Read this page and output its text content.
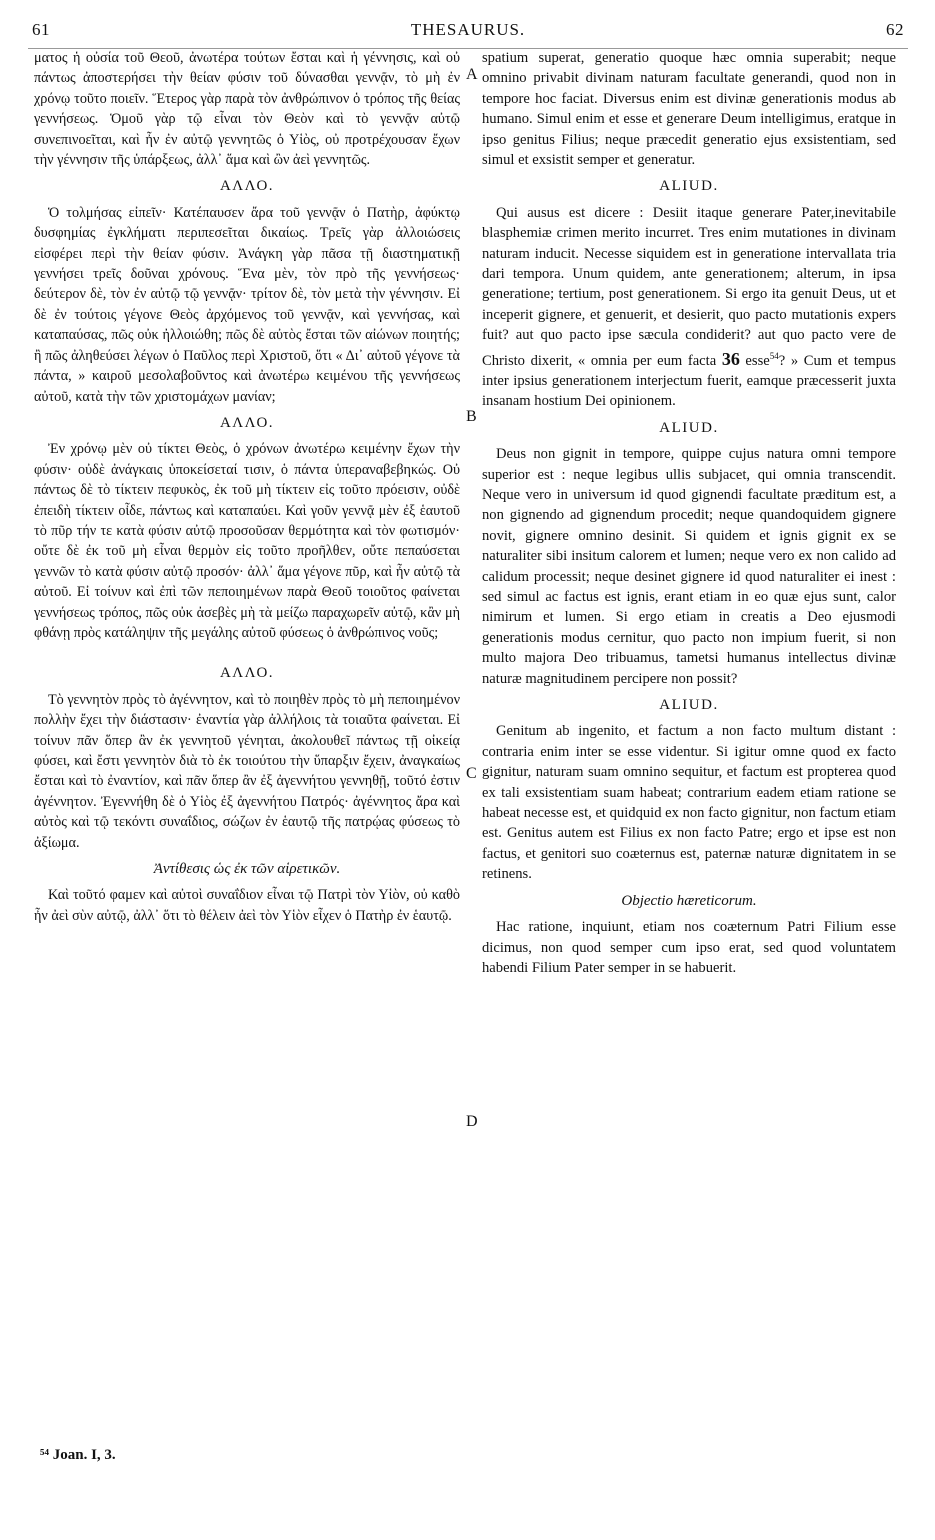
61	THESAURUS.	62

ματος ἡ οὐσία τοῦ Θεοῦ, ἀνωτέρα τούτων ἔσται καὶ ἡ γέννησις, καὶ οὐ πάντως ἀποστερήσει τὴν θείαν φύσιν τοῦ δύνασθαι γεννᾷν, τὸ μὴ ἐν χρόνῳ τοῦτο ποιεῖν. Ἕτερος γὰρ παρὰ τὸν ἀνθρώπινον ὁ τρόπος τῆς θείας γεννήσεως. Ὁμοῦ γὰρ τῷ εἶναι τὸν Θεὸν καὶ τὸ γεννᾷν αὐτῷ συνεπινοεῖται, καὶ ἦν ἐν αὐτῷ γεννητῶς ὁ Υἱὸς, οὐ προτρέχουσαν ἔχων τὴν γέννησιν τῆς ὑπάρξεως, ἀλλ᾽ ἅμα καὶ ὢν ἀεὶ γεννητῶς.

ΑΛΛΟ.

Ὁ τολμήσας εἰπεῖν· Κατέπαυσεν ἄρα τοῦ γεννᾷν ὁ Πατὴρ, ἀφύκτῳ δυσφημίας ἐγκλήματι περιπεσεῖται δικαίως. Τρεῖς γὰρ ἀλλοιώσεις εἰσφέρει περὶ τὴν θείαν φύσιν. Ἀνάγκη γὰρ πᾶσα τῇ διαστηματικῇ γεννήσει τρεῖς δοῦναι χρόνους. Ἕνα μὲν, τὸν πρὸ τῆς γεννήσεως· δεύτερον δὲ, τὸν ἐν αὐτῷ τῷ γεννᾷν· τρίτον δὲ, τὸν μετὰ τὴν γέννησιν. Εἰ δὲ ἐν τούτοις γέγονε Θεὸς ἀρχόμενος τοῦ γεννᾷν, καὶ γεννήσας, καὶ καταπαύσας, πῶς οὐκ ἠλλοιώθη; πῶς δὲ αὐτὸς ἔσται τῶν αἰώνων ποιητής; ἢ πῶς ἀληθεύσει λέγων ὁ Παῦλος περὶ Χριστοῦ, ὅτι « Δι᾽ αὐτοῦ γέγονε τὰ πάντα, » καιροῦ μεσολαβοῦντος καὶ ἀνωτέρω κειμένου τῆς γεννήσεως αὐτοῦ, κατὰ τὴν τῶν χριστομάχων μανίαν;

ΑΛΛΟ.

Ἐν χρόνῳ μὲν οὐ τίκτει Θεὸς, ὁ χρόνων ἀνωτέρω κειμένην ἔχων τὴν φύσιν· οὐδὲ ἀνάγκαις ὑποκείσεταί τισιν, ὁ πάντα ὑπεραναβεβηκώς. Οὐ πάντως δὲ τὸ τίκτειν πεφυκὸς, ἐκ τοῦ μὴ τίκτειν εἰς τοῦτο πρόεισιν, οὐδὲ ἐπειδὴ τίκτειν οἶδε, πάντως καὶ καταπαύει. Καὶ γοῦν γεννᾷ μὲν ἐξ ἑαυτοῦ τὸ πῦρ τήν τε κατὰ φύσιν αὐτῷ προσοῦσαν θερμότητα καὶ τὸν φωτισμόν· οὔτε δὲ ἐκ τοῦ μὴ εἶναι θερμὸν εἰς τοῦτο προῆλθεν, οὔτε πεπαύσεται γεννῶν τὸ κατὰ φύσιν αὐτῷ προσόν· ἀλλ᾽ ἅμα γέγονε πῦρ, καὶ ἦν αὐτῷ τὰ αὐτοῦ. Εἰ τοίνυν καὶ ἐπὶ τῶν πεποιημένων παρὰ Θεοῦ τοιοῦτος φαίνεται γεννήσεως τρόπος, πῶς οὐκ ἀσεβὲς μὴ τὰ μείζω παραχωρεῖν αὐτῷ, κἂν μὴ φθάνῃ πρὸς κατάληψιν τῆς μεγάλης αὐτοῦ φύσεως ὁ ἀνθρώπινος νοῦς;

ΑΛΛΟ.

Τὸ γεννητὸν πρὸς τὸ ἀγέννητον, καὶ τὸ ποιηθὲν πρὸς τὸ μὴ πεποιημένον πολλὴν ἔχει τὴν διάστασιν· ἐναντία γὰρ ἀλλήλοις τὰ τοιαῦτα φαίνεται. Εἰ τοίνυν πᾶν ὅπερ ἂν ἐκ γεννητοῦ γένηται, ἀκολουθεῖ πάντως τῇ οἰκείᾳ φύσει, καὶ ἔστι γεννητὸν διὰ τὸ ἐκ τοιούτου τὴν ὕπαρξιν ἔχειν, ἀναγκαίως ἔσται καὶ τὸ ἐναντίον, καὶ πᾶν ὅπερ ἂν ἐξ ἀγεννήτου γεννηθῇ, τοῦτό ἐστιν ἀγέννητον. Ἐγεννήθη δὲ ὁ Υἱὸς ἐξ ἀγεννήτου Πατρός· ἀγέννητος ἄρα καὶ αὐτὸς καὶ τῷ τεκόντι συναΐδιος, σώζων ἐν ἑαυτῷ τῆς πατρῴας φύσεως τὸ ἀξίωμα.

Ἀντίθεσις ὡς ἐκ τῶν αἱρετικῶν.

Καὶ τοῦτό φαμεν καὶ αὐτοὶ συναΐδιον εἶναι τῷ Πατρὶ τὸν Υἱὸν, οὐ καθὸ ἦν ἀεὶ σὺν αὐτῷ, ἀλλ᾽ ὅτι τὸ θέλειν ἀεὶ τὸν Υἱὸν εἶχεν ὁ Πατὴρ ἐν ἑαυτῷ.

spatium superat, generatio quoque hæc omnia superabit; neque omnino privabit divinam naturam facultate generandi, quod non in tempore hoc faciat. Diversus enim est divinæ generationis modus ab humano. Simul enim et esse et generare Deum intelligimus, eratque in ipso genitus Filius; neque præcedit generatio ejus exsistentiam, sed simul et exsistit semper et generatur.

ALIUD.

Qui ausus est dicere : Desiit itaque generare Pater,inevitabile blasphemiæ crimen merito incurret. Tres enim mutationes in divinam naturam inducit. Necesse siquidem est in generatione intervallata tria dari tempora. Unum quidem, ante generationem; alterum, in ipsa generatione; tertium, post generationem. Si ergo ita genuit Deus, ut et inceperit gignere, et genuerit, et desierit, quo pacto mutationis expers fuit? aut quo pacto ipse sæcula condiderit? aut quo pacto vere de Christo dixerit, « omnia per eum facta 36 esse$^{54}$? » Cum et tempus inter ipsius generationem interjectum fuerit, eamque præcesserit juxta insanam hostium Dei opinionem.

ALIUD.

Deus non gignit in tempore, quippe cujus natura omni tempore superior est : neque legibus ullis subjacet, qui omnia transcendit. Neque vero in universum id quod gignendi facultate præditum est, a non gignendo ad gignendum procedit; neque quandoquidem gignere novit, gignere omnino desinit. Si quidem et ignis gignit ex se naturaliter sibi insitum calorem et lumen; neque vero ex non calido ad calidum processit; neque desinet gignere id quod naturaliter ei inest : sed simul ac factus est ignis, erant etiam in eo quæ ejus sunt, calor nimirum et lumen. Si ergo etiam in creatis a Deo ejusmodi generationis modus cernitur, quo pacto non impium fuerit, si non multo majora Deo tribuamus, tametsi humanus intellectus divinæ naturæ magnitudinem percipere non possit?

ALIUD.

Genitum ab ingenito, et factum a non facto multum distant : contraria enim inter se esse videntur. Si igitur omne quod ex facto gignitur, naturam suam omnino sequitur, et factum est propterea quod ex tali exsistentiam suam habeat; contrarium eadem etiam ratione se habeat necesse est, et quidquid ex non facto gignitur, non factum etiam est. Genitus autem est Filius ex non facto Patre; ergo et ipse est non factus, et genitori suo coæternus est, paternæ naturæ dignitatem in se retinens.

Objectio hæreticorum.

Hac ratione, inquiunt, etiam nos coæternum Patri Filium esse dicimus, non quod semper cum ipso erat, sed quod voluntatem habendi Filium Pater semper in se habuerit.

A
B
C
D
⁵⁴ Joan. I, 3.
